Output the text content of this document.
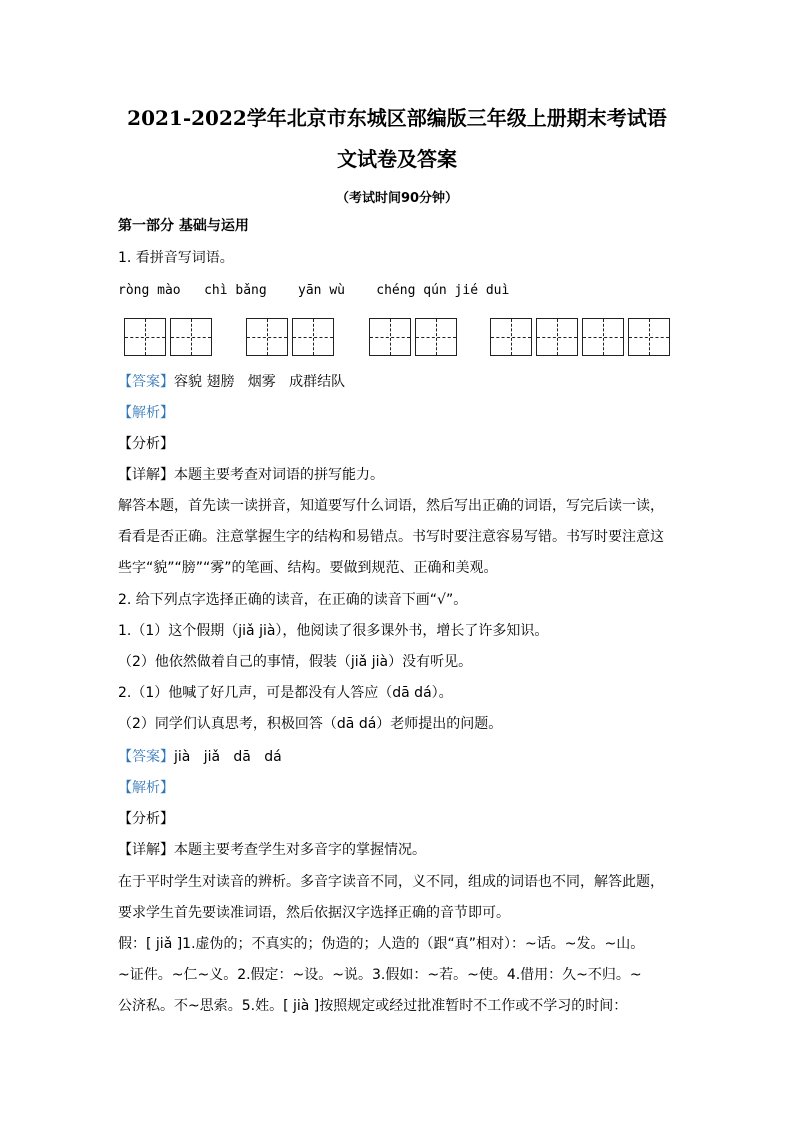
2021-2022学年北京市东城区部编版三年级上册期末考试语
文试卷及答案
（考试时间90分钟）
第一部分 基础与运用
1. 看拼音写词语。
ròng mào   chì bǎng    yān wù    chéng qún jié duì
【答案】容貌 翅膀   烟雾   成群结队
【解析】
【分析】
【详解】本题主要考查对词语的拼写能力。
解答本题，首先读一读拼音，知道要写什么词语，然后写出正确的词语，写完后读一读，
看看是否正确。注意掌握生字的结构和易错点。书写时要注意容易写错。书写时要注意这
些字“貌”“膀”“雾”的笔画、结构。要做到规范、正确和美观。
2. 给下列点字选择正确的读音，在正确的读音下画“√”。
1.（1）这个假期（jiǎ jià），他阅读了很多课外书，增长了许多知识。
（2）他依然做着自己的事情，假装（jiǎ jià）没有听见。
2.（1）他喊了好几声，可是都没有人答应（dā dá）。
（2）同学们认真思考，积极回答（dā dá）老师提出的问题。
【答案】jià   jiǎ   dā   dá
【解析】
【分析】
【详解】本题主要考查学生对多音字的掌握情况。
在于平时学生对读音的辨析。多音字读音不同，义不同，组成的词语也不同，解答此题，
要求学生首先要读准词语，然后依据汉字选择正确的音节即可。
假：[ jiǎ ]1.虚伪的；不真实的；伪造的；人造的（跟“真”相对）：~话。~发。~山。
~证件。~仁~义。2.假定：~设。~说。3.假如：~若。~使。4.借用：久~不归。~
公济私。不~思索。5.姓。[ jià ]按照规定或经过批准暂时不工作或不学习的时间：
